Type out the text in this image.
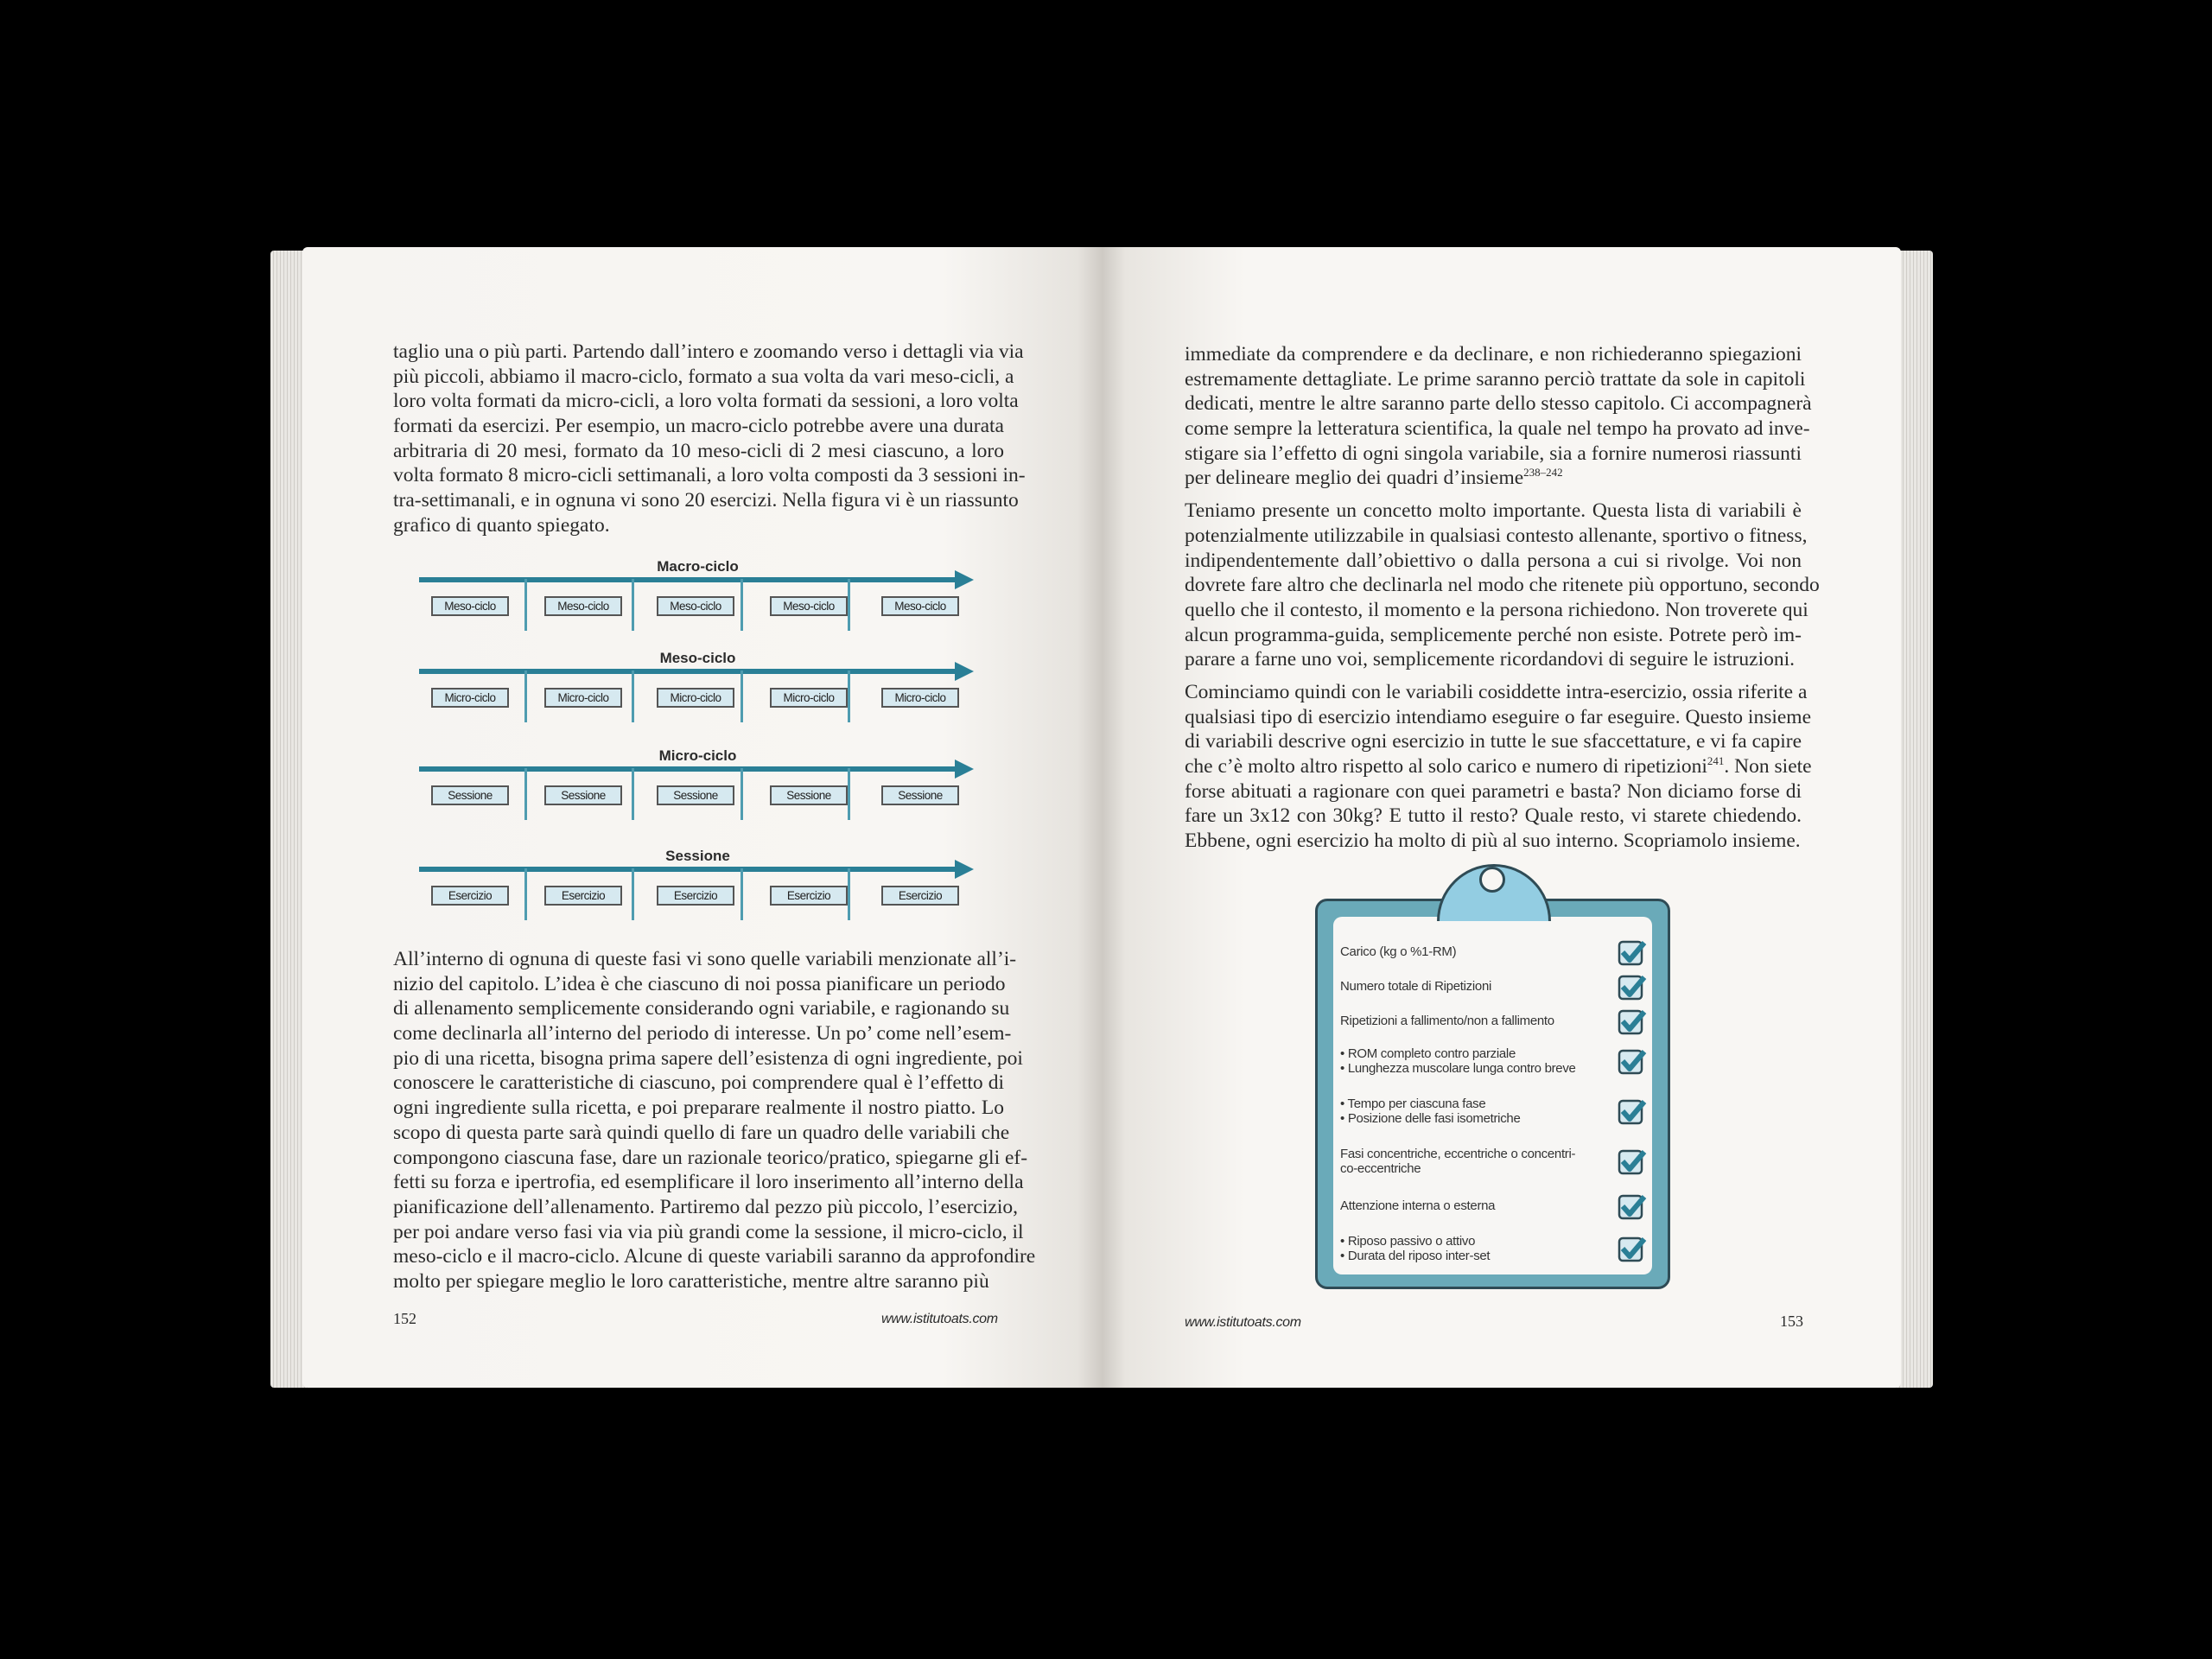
taglio una o più parti. Partendo dall’intero e zoomando verso i dettagli via via
più piccoli, abbiamo il macro-ciclo, formato a sua volta da vari meso-cicli, a
loro volta formati da micro-cicli, a loro volta formati da sessioni, a loro volta
formati da esercizi. Per esempio, un macro-ciclo potrebbe avere una durata
arbitraria di 20 mesi, formato da 10 meso-cicli di 2 mesi ciascuno, a loro
volta formato 8 micro-cicli settimanali, a loro volta composti da 3 sessioni in-
tra-settimanali, e in ognuna vi sono 20 esercizi. Nella figura vi è un riassunto
grafico di quanto spiegato.
Macro-ciclo
Meso-ciclo	Meso-ciclo	Meso-ciclo	Meso-ciclo	Meso-ciclo
Meso-ciclo
Micro-ciclo	Micro-ciclo	Micro-ciclo	Micro-ciclo	Micro-ciclo
Micro-ciclo
Sessione	Sessione	Sessione	Sessione	Sessione
Sessione
Esercizio	Esercizio	Esercizio	Esercizio	Esercizio
All’interno di ognuna di queste fasi vi sono quelle variabili menzionate all’i-
nizio del capitolo. L’idea è che ciascuno di noi possa pianificare un periodo
di allenamento semplicemente considerando ogni variabile, e ragionando su
come declinarla all’interno del periodo di interesse. Un po’ come nell’esem-
pio di una ricetta, bisogna prima sapere dell’esistenza di ogni ingrediente, poi
conoscere le caratteristiche di ciascuno, poi comprendere qual è l’effetto di
ogni ingrediente sulla ricetta, e poi preparare realmente il nostro piatto. Lo
scopo di questa parte sarà quindi quello di fare un quadro delle variabili che
compongono ciascuna fase, dare un razionale teorico/pratico, spiegarne gli ef-
fetti su forza e ipertrofia, ed esemplificare il loro inserimento all’interno della
pianificazione dell’allenamento. Partiremo dal pezzo più piccolo, l’esercizio,
per poi andare verso fasi via via più grandi come la sessione, il micro-ciclo, il
meso-ciclo e il macro-ciclo. Alcune di queste variabili saranno da approfondire
molto per spiegare meglio le loro caratteristiche, mentre altre saranno più
152	www.istitutoats.com
immediate da comprendere e da declinare, e non richiederanno spiegazioni
estremamente dettagliate. Le prime saranno perciò trattate da sole in capitoli
dedicati, mentre le altre saranno parte dello stesso capitolo. Ci accompagnerà
come sempre la letteratura scientifica, la quale nel tempo ha provato ad inve-
stigare sia l’effetto di ogni singola variabile, sia a fornire numerosi riassunti
per delineare meglio dei quadri d’insieme$^{238-242}$
Teniamo presente un concetto molto importante. Questa lista di variabili è
potenzialmente utilizzabile in qualsiasi contesto allenante, sportivo o fitness,
indipendentemente dall’obiettivo o dalla persona a cui si rivolge. Voi non
dovrete fare altro che declinarla nel modo che ritenete più opportuno, secondo
quello che il contesto, il momento e la persona richiedono. Non troverete qui
alcun programma-guida, semplicemente perché non esiste. Potrete però im-
parare a farne uno voi, semplicemente ricordandovi di seguire le istruzioni.
Cominciamo quindi con le variabili cosiddette intra-esercizio, ossia riferite a
qualsiasi tipo di esercizio intendiamo eseguire o far eseguire. Questo insieme
di variabili descrive ogni esercizio in tutte le sue sfaccettature, e vi fa capire
che c’è molto altro rispetto al solo carico e numero di ripetizioni$^{241}$. Non siete
forse abituati a ragionare con quei parametri e basta? Non diciamo forse di
fare un 3x12 con 30kg? E tutto il resto? Quale resto, vi starete chiedendo.
Ebbene, ogni esercizio ha molto di più al suo interno. Scopriamolo insieme.
Carico (kg o %1-RM)
Numero totale di Ripetizioni
Ripetizioni a fallimento/non a fallimento
• ROM completo contro parziale
• Lunghezza muscolare lunga contro breve
• Tempo per ciascuna fase
• Posizione delle fasi isometriche
Fasi concentriche, eccentriche o concentri-
co-eccentriche
Attenzione interna o esterna
• Riposo passivo o attivo
• Durata del riposo inter-set
www.istitutoats.com	153
